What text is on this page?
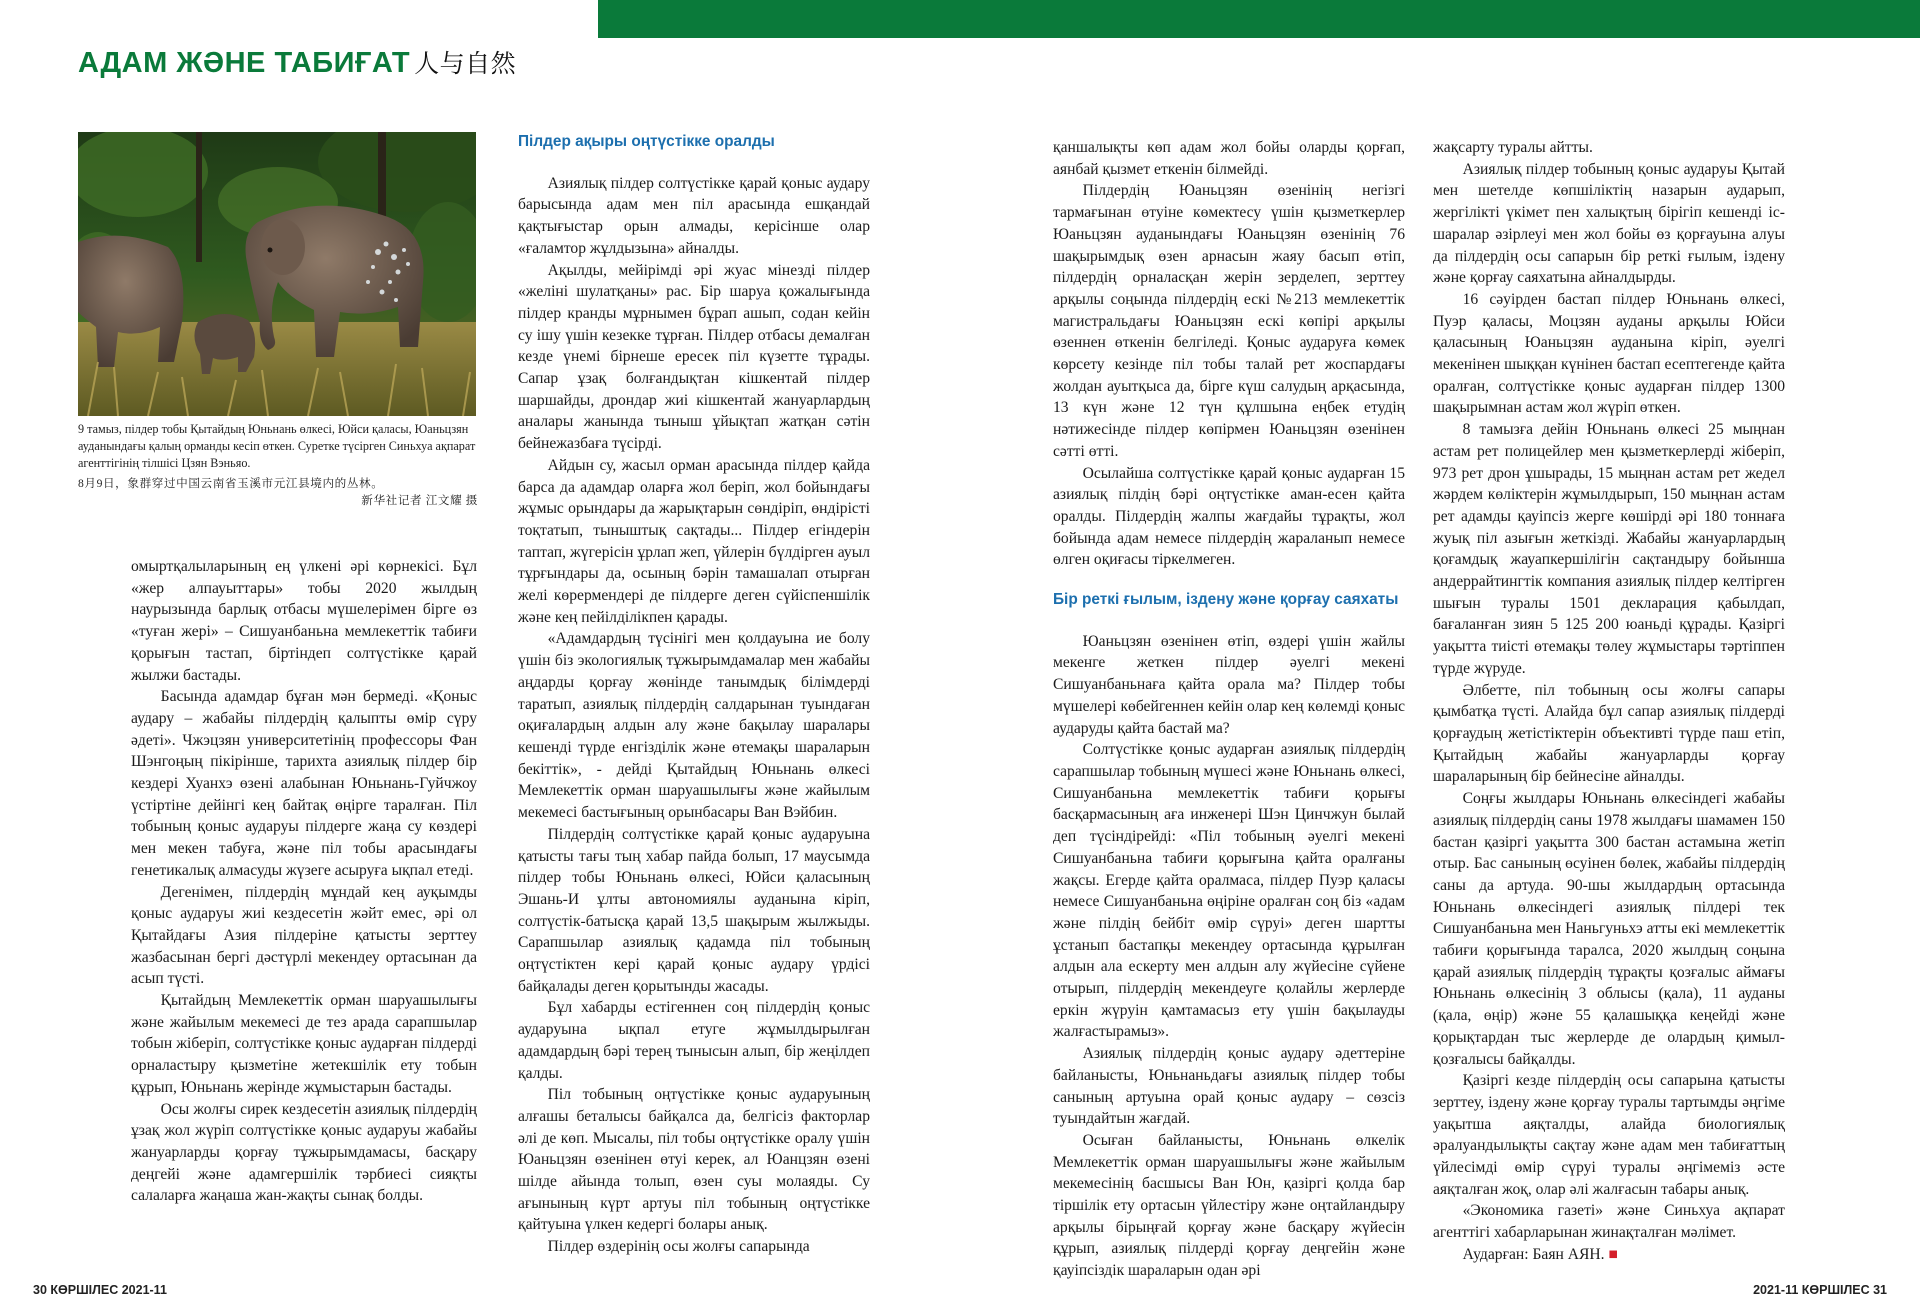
АДАМ ЖӘНЕ ТАБИҒАТ 人与自然

9 тамыз, пілдер тобы Қытайдың Юньнань өлкесі, Юйси қаласы, Юаньцзян ауданындағы қалың орманды кесіп өткен. Суретке түсірген Синьхуа ақпарат агенттігінің тілшісі Цзян Вэньяо.

8月9日，象群穿过中国云南省玉溪市元江县境内的丛林。

新华社记者 江文耀 摄

омыртқалыларының ең үлкені әрі көрнекісі. Бұл «жер алпауыттары» тобы 2020 жылдың наурызында барлық отбасы мүшелерімен бірге өз «туған жері» – Сишуанбаньна мемлекеттік табиғи қорығын тастап, біртіндеп солтүстікке қарай жылжи бастады.

Басында адамдар бұған мән бермеді. «Қоныс аудару – жабайы пілдердің қалыпты өмір сүру әдеті». Чжэцзян университетінің профессоры Фан Шэнгоңың пікірінше, тарихта азиялық пілдер бір кездері Хуанхэ өзені алабынан Юньнань-Гуйчжоу үстіртіне дейінгі кең байтақ өңірге таралған. Піл тобының қоныс аударуы пілдерге жаңа су көздері мен мекен табуға, және піл тобы арасындағы генетикалық алмасуды жүзеге асыруға ықпал етеді.

Дегенімен, пілдердің мұндай кең ауқымды қоныс аударуы жиі кездесетін жәйт емес, әрі ол Қытайдағы Азия пілдеріне қатысты зерттеу жазбасынан бергі дәстүрлі мекендеу ортасынан да асып түсті.

Қытайдың Мемлекеттік орман шаруашылығы және жайылым мекемесі де тез арада сарапшылар тобын жіберіп, солтүстікке қоныс аударған пілдерді орналастыру қызметіне жетекшілік ету тобын құрып, Юньнань жерінде жұмыстарын бастады.

Осы жолғы сирек кездесетін азиялық пілдердің ұзақ жол жүріп солтүстікке қоныс аударуы жабайы жануарларды қорғау тұжырымдамасы, басқару деңгейі және адамгершілік тәрбиесі сияқты салаларға жаңаша жан-жақты сынақ болды.

Пілдер ақыры оңтүстікке оралды

Азиялық пілдер солтүстікке қарай қоныс аудару барысында адам мен піл арасында ешқандай қақтығыстар орын алмады, керісінше олар «ғаламтор жұлдызына» айналды.

Ақылды, мейірімді әрі жуас мінезді пілдер «желіні шулатқаны» рас. Бір шаруа қожалығында пілдер кранды мұрнымен бұрап ашып, содан кейін су ішу үшін кезекке тұрған. Пілдер отбасы демалған кезде үнемі бірнеше ересек піл күзетте тұрады. Сапар ұзақ болғандықтан кішкентай пілдер шаршайды, дрондар жиі кішкентай жануарлардың аналары жанында тыныш ұйықтап жатқан сәтін бейнежазбаға түсірді.

Айдын су, жасыл орман арасында пілдер қайда барса да адамдар оларға жол беріп, жол бойындағы жұмыс орындары да жарықтарын сөндіріп, өндірісті тоқтатып, тыныштық сақтады... Пілдер егіндерін таптап, жүгерісін ұрлап жеп, үйлерін бүлдірген ауыл тұрғындары да, осының бәрін тамашалап отырған желі көрермендері де пілдерге деген сүйіспеншілік және кең пейілділікпен қарады.

«Адамдардың түсінігі мен қолдауына ие болу үшін біз экологиялық тұжырымдамалар мен жабайы аңдарды қорғау жөнінде танымдық білімдерді таратып, азиялық пілдердің салдарынан туындаған оқиғалардың алдын алу және бақылау шаралары кешенді түрде енгізділік және өтемақы шараларын бекіттік», - дейді Қытайдың Юньнань өлкесі Мемлекеттік орман шаруашылығы және жайылым мекемесі бастығының орынбасары Ван Вэйбин.

Пілдердің солтүстікке қарай қоныс аударуына қатысты тағы тың хабар пайда болып, 17 маусымда пілдер тобы Юньнань өлкесі, Юйси қаласының Эшань-И ұлты автономиялы ауданына кіріп, солтүстік-батысқа қарай 13,5 шақырым жылжыды. Сарапшылар азиялық қадамда піл тобының оңтүстіктен кері қарай қоныс аудару үрдісі байқалады деген қорытынды жасады.

Бұл хабарды естігеннен соң пілдердің қоныс аударуына ықпал етуге жұмылдырылған адамдардың бәрі терең тынысын алып, бір жеңілдеп қалды.

Піл тобының оңтүстікке қоныс аударуының алғашы беталысы байқалса да, белгісіз факторлар әлі де көп. Мысалы, піл тобы оңтүстікке оралу үшін Юаньцзян өзенінен өтуі керек, ал Юанцзян өзені шілде айында толып, өзен суы молаяды. Су ағынының күрт артуы піл тобының оңтүстікке қайтуына үлкен кедергі болары анық.

Пілдер өздерінің осы жолғы сапарында

қаншалықты көп адам жол бойы оларды қорғап, аянбай қызмет еткенін білмейді.

Пілдердің Юаньцзян өзенінің негізгі тармағынан өтуіне көмектесу үшін қызметкерлер Юаньцзян ауданындағы Юаньцзян өзенінің 76 шақырымдық өзен арнасын жаяу басып өтіп, пілдердің орналасқан жерін зерделеп, зерттеу арқылы соңында пілдердің ескі №213 мемлекеттік магистральдағы Юаньцзян ескі көпірі арқылы өзеннен өткенін белгіледі. Қоныс аударуға көмек көрсету кезінде піл тобы талай рет жоспардағы жолдан ауытқыса да, бірге күш салудың арқасында, 13 күн және 12 түн құлшына еңбек етудің нәтижесінде пілдер көпірмен Юаньцзян өзенінен сәтті өтті.

Осылайша солтүстікке қарай қоныс аударған 15 азиялық пілдің бәрі оңтүстікке аман-есен қайта оралды. Пілдердің жалпы жағдайы тұрақты, жол бойында адам немесе пілдердің жараланып немесе өлген оқиғасы тіркелмеген.

Бір реткі ғылым, іздену және қорғау саяхаты

Юаньцзян өзенінен өтіп, өздері үшін жайлы мекенге жеткен пілдер әуелгі мекені Сишуанбаньнаға қайта орала ма? Пілдер тобы мүшелері көбейгеннен кейін олар кең көлемді қоныс аударуды қайта бастай ма?

Солтүстікке қоныс аударған азиялық пілдердің сарапшылар тобының мүшесі және Юньнань өлкесі, Сишуанбаньна мемлекеттік табиғи қорығы басқармасының аға инженері Шэн Цинчжун былай деп түсіндірейді: «Піл тобының әуелгі мекені Сишуанбаньна табиғи қорығына қайта оралғаны жақсы. Егерде қайта оралмаса, пілдер Пуэр қаласы немесе Сишуанбаньна өңіріне оралған соң біз «адам және пілдің бейбіт өмір сүруі» деген шартты ұстанып бастапқы мекендеу ортасында құрылған алдын ала ескерту мен алдын алу жүйесіне сүйене отырып, пілдердің мекендеуге қолайлы жерлерде еркін жүруін қамтамасыз ету үшін бақылауды жалғастырамыз».

Азиялық пілдердің қоныс аудару әдеттеріне байланысты, Юньнаньдағы азиялық пілдер тобы санының артуына орай қоныс аудару – сөзсіз туындайтын жағдай.

Осыған байланысты, Юньнань өлкелік Мемлекеттік орман шаруашылығы және жайылым мекемесінің басшысы Ван Юн, қазіргі қолда бар тіршілік ету ортасын үйлестіру және оңтайландыру арқылы бірыңғай қорғау және басқару жүйесін құрып, азиялық пілдерді қорғау деңгейін және қауіпсіздік шараларын одан әрі

жақсарту туралы айтты.

Азиялық пілдер тобының қоныс аударуы Қытай мен шетелде көпшіліктің назарын аударып, жергілікті үкімет пен халықтың бірігіп кешенді іс-шаралар әзірлеуі мен жол бойы өз қорғауына алуы да пілдердің осы сапарын бір реткі ғылым, іздену және қорғау саяхатына айналдырды.

16 сәуірден бастап пілдер Юньнань өлкесі, Пуэр қаласы, Моцзян ауданы арқылы Юйси қаласының Юаньцзян ауданына кіріп, әуелгі мекенінен шыққан күнінен бастап есептегенде қайта оралған, солтүстікке қоныс аударған пілдер 1300 шақырымнан астам жол жүріп өткен.

8 тамызға дейін Юньнань өлкесі 25 мыңнан астам рет полицейлер мен қызметкерлерді жіберіп, 973 рет дрон ұшырады, 15 мыңнан астам рет жедел жәрдем көліктерін жұмылдырып, 150 мыңнан астам рет адамды қауіпсіз жерге көшірді әрі 180 тоннаға жуық піл азығын жеткізді. Жабайы жануарлардың қоғамдық жауапкершілігін сақтандыру бойынша андеррайтингтік компания азиялық пілдер келтірген шығын туралы 1501 декларация қабылдап, бағаланған зиян 5 125 200 юаньді құрады. Қазіргі уақытта тиісті өтемақы төлеу жұмыстары тәртіппен түрде жүруде.

Әлбетте, піл тобының осы жолғы сапары қымбатқа түсті. Алайда бұл сапар азиялық пілдерді қорғаудың жетістіктерін объективті түрде паш етіп, Қытайдың жабайы жануарларды қорғау шараларының бір бейнесіне айналды.

Соңғы жылдары Юньнань өлкесіндегі жабайы азиялық пілдердің саны 1978 жылдағы шамамен 150 бастан қазіргі уақытта 300 бастан астамына жетіп отыр. Бас санының өсуінен бөлек, жабайы пілдердің саны да артуда. 90-шы жылдардың ортасында Юньнань өлкесіндегі азиялық пілдері тек Сишуанбаньна мен Наньгуньхэ атты екі мемлекеттік табиғи қорығында таралса, 2020 жылдың соңына қарай азиялық пілдердің тұрақты қозғалыс аймағы Юньнань өлкесінің 3 облысы (қала), 11 ауданы (қала, өңір) және 55 қалашыққа кеңейді және қорықтардан тыс жерлерде де олардың қимыл-қозғалысы байқалды.

Қазіргі кезде пілдердің осы сапарына қатысты зерттеу, іздену және қорғау туралы тартымды әңгіме уақытша аяқталды, алайда биологиялық әралуандылықты сақтау және адам мен табиғаттың үйлесімді өмір сүруі туралы әңгімеміз әсте аяқталған жоқ, олар әлі жалғасын табары анық.

«Экономика газеті» және Синьхуа ақпарат агенттігі хабарларынан жинақталған мәлімет.

Аударған: Баян АЯН. ■

30 КӨРШІЛЕС 2021-11	2021-11 КӨРШІЛЕС 31
